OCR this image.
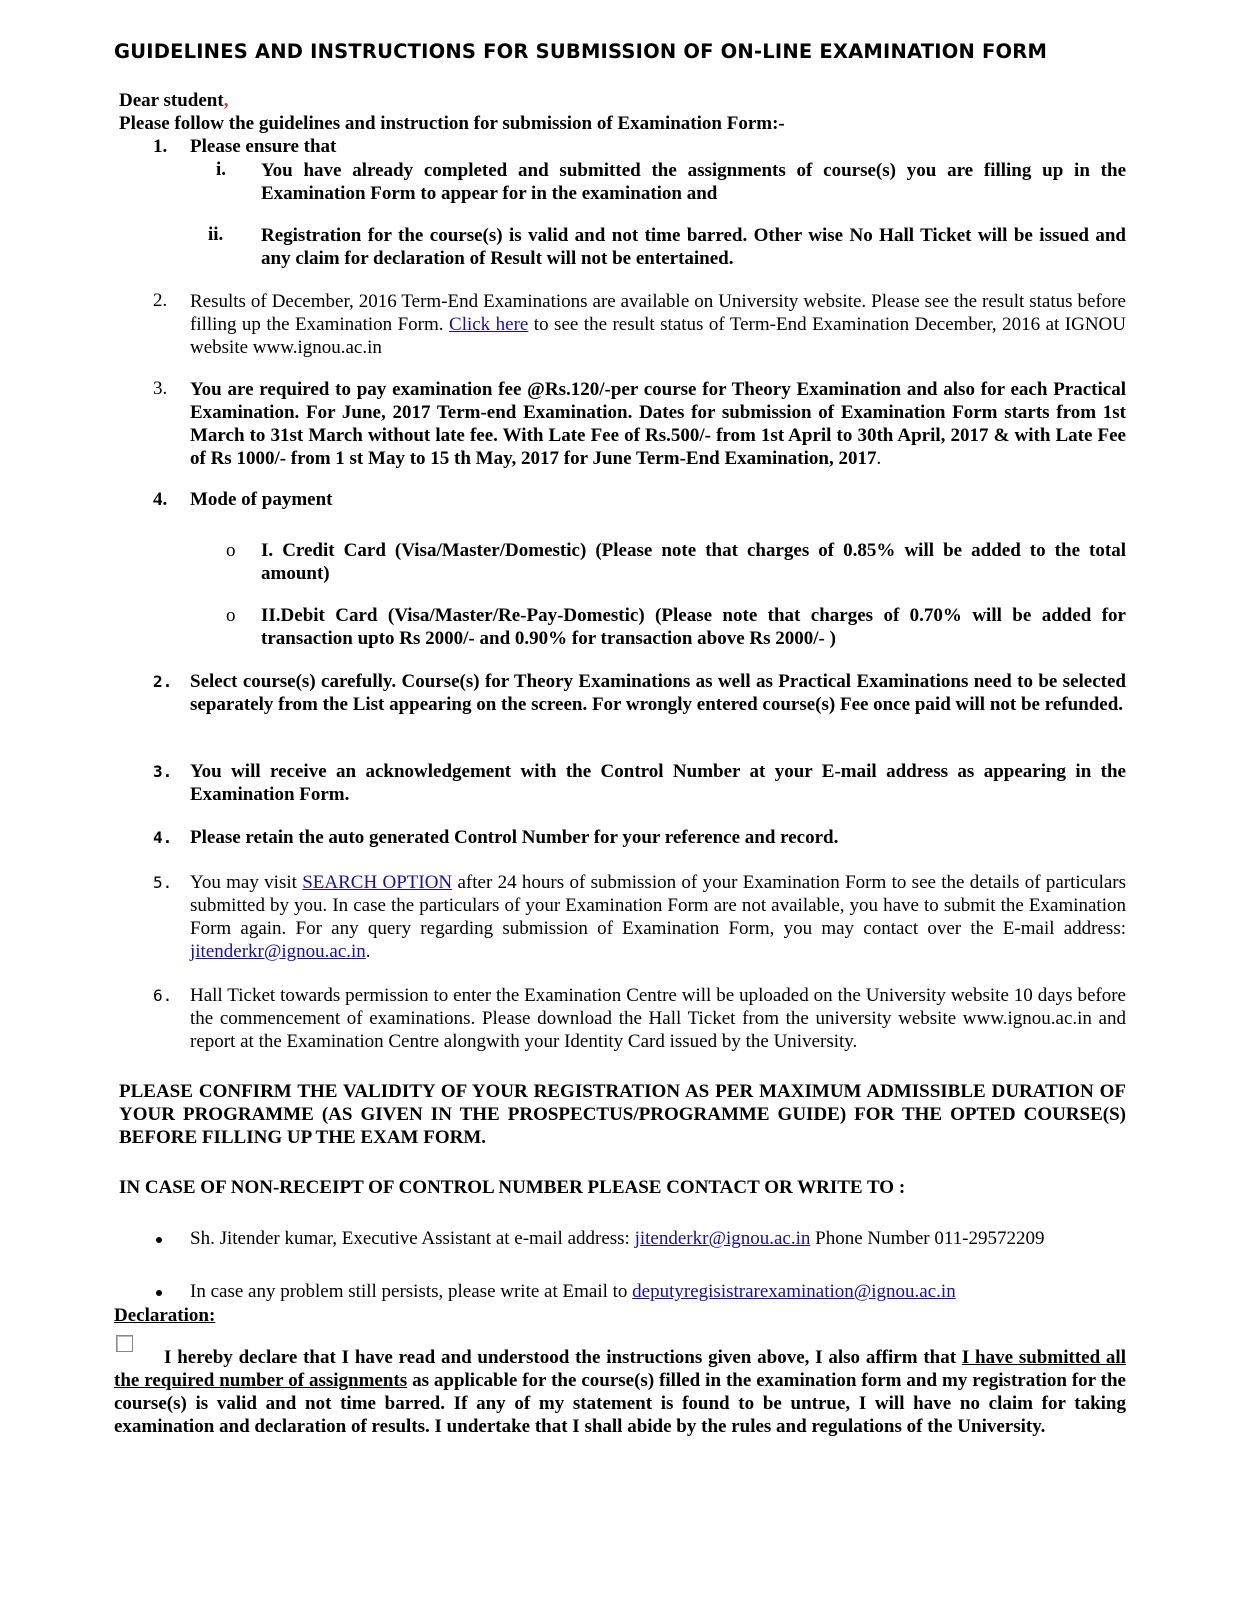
GUIDELINES AND INSTRUCTIONS FOR SUBMISSION OF ON-LINE EXAMINATION FORM
Dear student,
Please follow the guidelines and instruction for submission of Examination Form:-
1. Please ensure that
i. You have already completed and submitted the assignments of course(s) you are filling up in the Examination Form to appear for in the examination and
ii. Registration for the course(s) is valid and not time barred. Other wise No Hall Ticket will be issued and any claim for declaration of Result will not be entertained.
2. Results of December, 2016 Term-End Examinations are available on University website. Please see the result status before filling up the Examination Form. Click here to see the result status of Term-End Examination December, 2016 at IGNOU website www.ignou.ac.in
3. You are required to pay examination fee @Rs.120/-per course for Theory Examination and also for each Practical Examination. For June, 2017 Term-end Examination. Dates for submission of Examination Form starts from 1st March to 31st March without late fee. With Late Fee of Rs.500/- from 1st April to 30th April, 2017 & with Late Fee of Rs 1000/- from 1 st May to 15 th May, 2017 for June Term-End Examination, 2017.
4. Mode of payment
o I. Credit Card (Visa/Master/Domestic) (Please note that charges of 0.85% will be added to the total amount)
o II.Debit Card (Visa/Master/Re-Pay-Domestic) (Please note that charges of 0.70% will be added for transaction upto Rs 2000/- and 0.90% for transaction above Rs 2000/- )
2. Select course(s) carefully. Course(s) for Theory Examinations as well as Practical Examinations need to be selected separately from the List appearing on the screen. For wrongly entered course(s) Fee once paid will not be refunded.
3. You will receive an acknowledgement with the Control Number at your E-mail address as appearing in the Examination Form.
4. Please retain the auto generated Control Number for your reference and record.
5. You may visit SEARCH OPTION after 24 hours of submission of your Examination Form to see the details of particulars submitted by you. In case the particulars of your Examination Form are not available, you have to submit the Examination Form again. For any query regarding submission of Examination Form, you may contact over the E-mail address: jitenderkr@ignou.ac.in.
6. Hall Ticket towards permission to enter the Examination Centre will be uploaded on the University website 10 days before the commencement of examinations. Please download the Hall Ticket from the university website www.ignou.ac.in and report at the Examination Centre alongwith your Identity Card issued by the University.
PLEASE CONFIRM THE VALIDITY OF YOUR REGISTRATION AS PER MAXIMUM ADMISSIBLE DURATION OF YOUR PROGRAMME (AS GIVEN IN THE PROSPECTUS/PROGRAMME GUIDE) FOR THE OPTED COURSE(S) BEFORE FILLING UP THE EXAM FORM.
IN CASE OF NON-RECEIPT OF CONTROL NUMBER PLEASE CONTACT OR WRITE TO :
Sh. Jitender kumar, Executive Assistant at e-mail address: jitenderkr@ignou.ac.in Phone Number 011-29572209
In case any problem still persists, please write at Email to deputyregisistrarexamination@ignou.ac.in
Declaration:
I hereby declare that I have read and understood the instructions given above, I also affirm that I have submitted all the required number of assignments as applicable for the course(s) filled in the examination form and my registration for the course(s) is valid and not time barred. If any of my statement is found to be untrue, I will have no claim for taking examination and declaration of results. I undertake that I shall abide by the rules and regulations of the University.
